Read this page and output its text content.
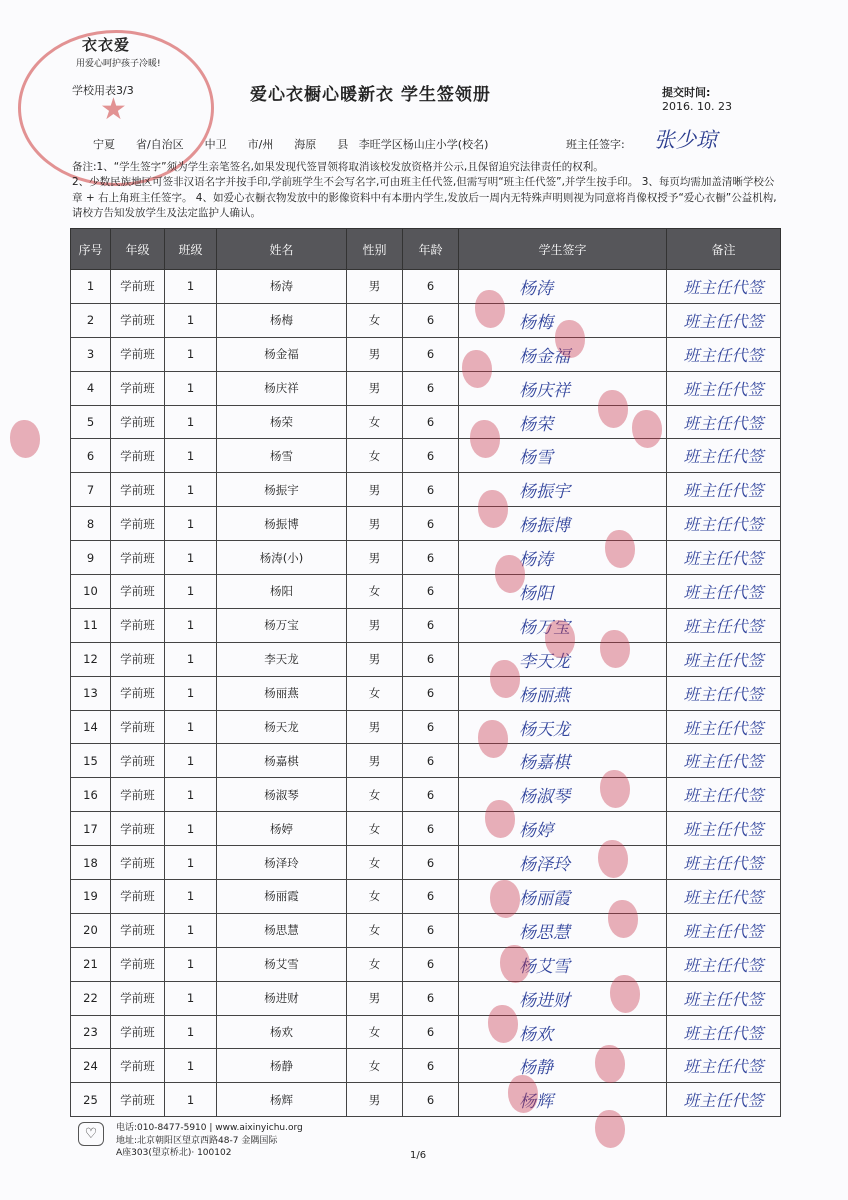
★
衣衣爱
用爱心呵护孩子冷暖!
学校用表3/3	爱心衣橱心暖新衣 学生签领册	提交时间:
2016. 10. 23
宁夏      省/自治区      中卫      市/州      海原      县   李旺学区杨山庄小学(校名)	班主任签字: 张少琼

备注:1、“学生签字”须为学生亲笔签名,如果发现代签冒领将取消该校发放资格并公示,且保留追究法律责任的权利。

2、少数民族地区可签非汉语名字并按手印,学前班学生不会写名字,可由班主任代签,但需写明“班主任代签”,并学生按手印。 3、每页均需加盖清晰学校公章 + 右上角班主任签字。 4、如爱心衣橱衣物发放中的影像资料中有本册内学生,发放后一周内无特殊声明则视为同意将肖像权授予“爱心衣橱”公益机构,请校方告知发放学生及法定监护人确认。

序号	年级	班级	姓名	性别	年龄	学生签字	备注
1	学前班	1	杨涛	男	6	杨涛	班主任代签
2	学前班	1	杨梅	女	6	杨梅	班主任代签
3	学前班	1	杨金福	男	6	杨金福	班主任代签
4	学前班	1	杨庆祥	男	6	杨庆祥	班主任代签
5	学前班	1	杨荣	女	6	杨荣	班主任代签
6	学前班	1	杨雪	女	6	杨雪	班主任代签
7	学前班	1	杨振宇	男	6	杨振宇	班主任代签
8	学前班	1	杨振博	男	6	杨振博	班主任代签
9	学前班	1	杨涛(小)	男	6	杨涛	班主任代签
10	学前班	1	杨阳	女	6	杨阳	班主任代签
11	学前班	1	杨万宝	男	6	杨万宝	班主任代签
12	学前班	1	李天龙	男	6	李天龙	班主任代签
13	学前班	1	杨丽燕	女	6	杨丽燕	班主任代签
14	学前班	1	杨天龙	男	6	杨天龙	班主任代签
15	学前班	1	杨嘉棋	男	6	杨嘉棋	班主任代签
16	学前班	1	杨淑琴	女	6	杨淑琴	班主任代签
17	学前班	1	杨婷	女	6	杨婷	班主任代签
18	学前班	1	杨泽玲	女	6	杨泽玲	班主任代签
19	学前班	1	杨丽霞	女	6	杨丽霞	班主任代签
20	学前班	1	杨思慧	女	6	杨思慧	班主任代签
21	学前班	1	杨艾雪	女	6	杨艾雪	班主任代签
22	学前班	1	杨进财	男	6	杨进财	班主任代签
23	学前班	1	杨欢	女	6	杨欢	班主任代签
24	学前班	1	杨静	女	6	杨静	班主任代签
25	学前班	1	杨辉	男	6	杨辉	班主任代签
♡	电话:010-8477-5910 | www.aixinyichu.org
地址:北京朝阳区望京西路48-7 金隅国际
A座303(望京桥北)· 100102	1/6
